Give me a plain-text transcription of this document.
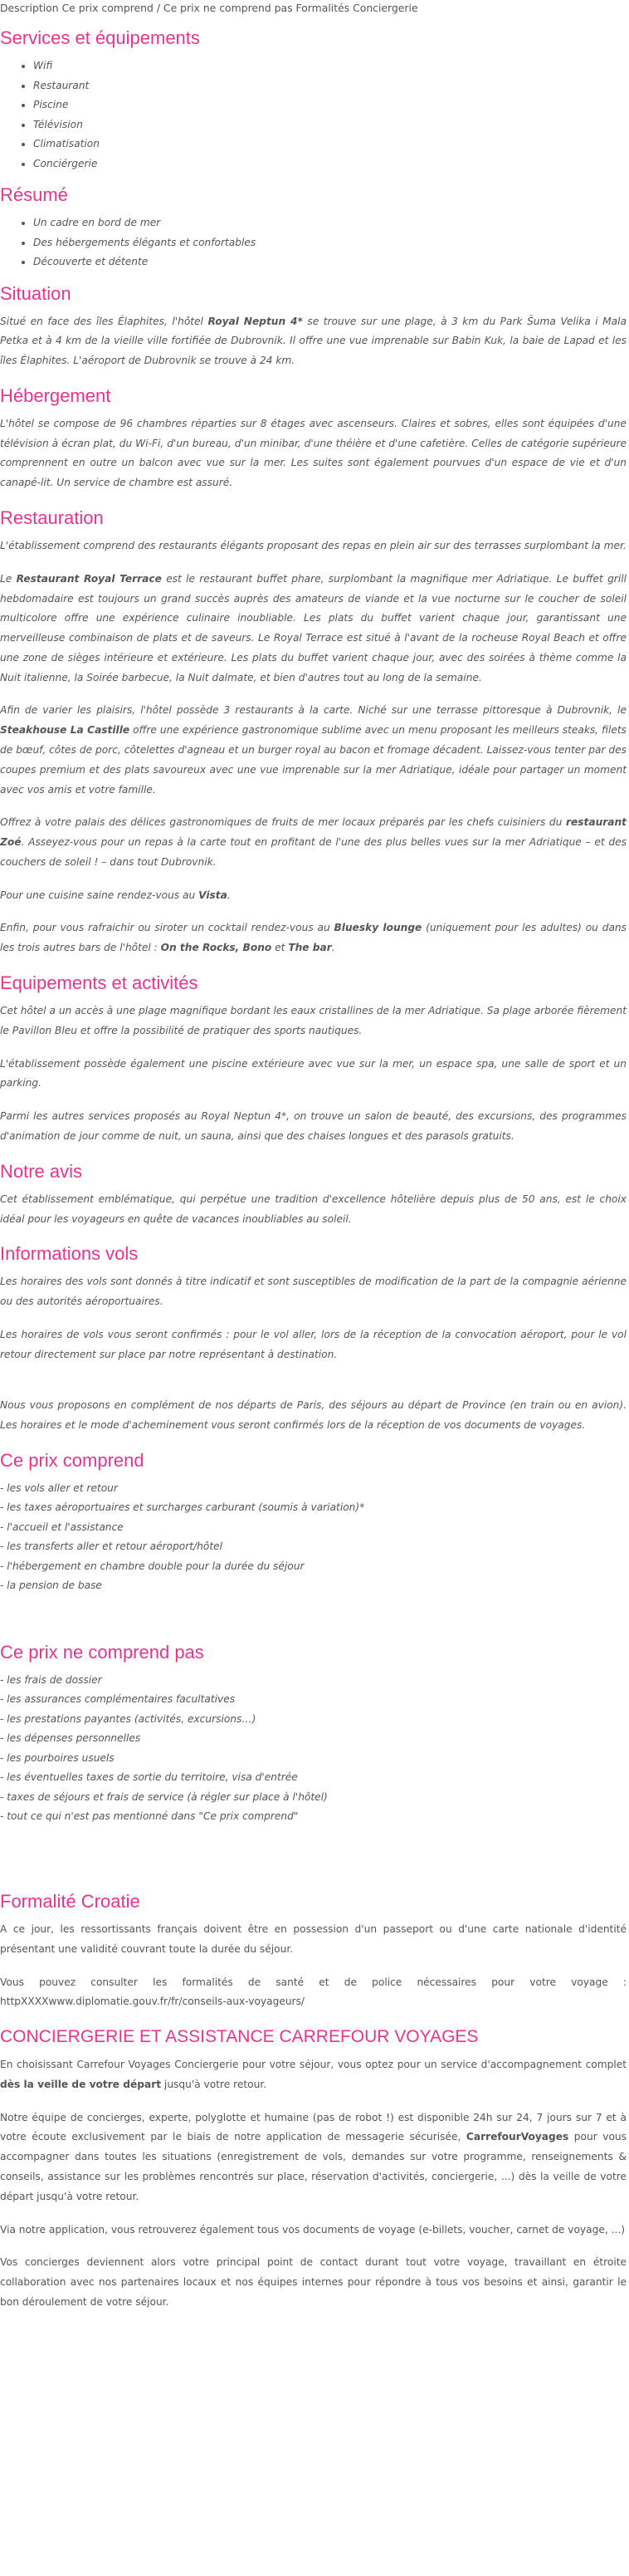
Description Ce prix comprend / Ce prix ne comprend pas Formalités Conciergerie
Services et équipements
• Wifi
• Restaurant
• Piscine
• Télévision
• Climatisation
• Conciérgerie
Résumé
• Un cadre en bord de mer
• Des hébergements élégants et confortables
• Découverte et détente
Situation

Situé en face des îles Élaphites, l'hôtel Royal Neptun 4* se trouve sur une plage, à 3 km du Park Šuma Velika i Mala Petka et à 4 km de la vieille ville fortifiée de Dubrovnik. Il offre une vue imprenable sur Babin Kuk, la baie de Lapad et les îles Élaphites. L'aéroport de Dubrovnik se trouve à 24 km.

Hébergement

L'hôtel se compose de 96 chambres réparties sur 8 étages avec ascenseurs. Claires et sobres, elles sont équipées d'une télévision à écran plat, du Wi-Fi, d'un bureau, d'un minibar, d'une théière et d'une cafetière. Celles de catégorie supérieure comprennent en outre un balcon avec vue sur la mer. Les suites sont également pourvues d'un espace de vie et d'un canapé-lit. Un service de chambre est assuré.

Restauration

L'établissement comprend des restaurants élégants proposant des repas en plein air sur des terrasses surplombant la mer.

Le Restaurant Royal Terrace est le restaurant buffet phare, surplombant la magnifique mer Adriatique. Le buffet grill hebdomadaire est toujours un grand succès auprès des amateurs de viande et la vue nocturne sur le coucher de soleil multicolore offre une expérience culinaire inoubliable. Les plats du buffet varient chaque jour, garantissant une merveilleuse combinaison de plats et de saveurs. Le Royal Terrace est situé à l'avant de la rocheuse Royal Beach et offre une zone de sièges intérieure et extérieure. Les plats du buffet varient chaque jour, avec des soirées à thème comme la Nuit italienne, la Soirée barbecue, la Nuit dalmate, et bien d'autres tout au long de la semaine.

Afin de varier les plaisirs, l'hôtel possède 3 restaurants à la carte. Niché sur une terrasse pittoresque à Dubrovnik, le Steakhouse La Castille offre une expérience gastronomique sublime avec un menu proposant les meilleurs steaks, filets de bœuf, côtes de porc, côtelettes d'agneau et un burger royal au bacon et fromage décadent. Laissez-vous tenter par des coupes premium et des plats savoureux avec une vue imprenable sur la mer Adriatique, idéale pour partager un moment avec vos amis et votre famille.

Offrez à votre palais des délices gastronomiques de fruits de mer locaux préparés par les chefs cuisiniers du restaurant Zoé. Asseyez-vous pour un repas à la carte tout en profitant de l'une des plus belles vues sur la mer Adriatique – et des couchers de soleil ! – dans tout Dubrovnik.

Pour une cuisine saine rendez-vous au Vista.

Enfin, pour vous rafraichir ou siroter un cocktail rendez-vous au Bluesky lounge (uniquement pour les adultes) ou dans les trois autres bars de l'hôtel : On the Rocks, Bono et The bar.

Equipements et activités

Cet hôtel a un accès à une plage magnifique bordant les eaux cristallines de la mer Adriatique. Sa plage arborée fièrement le Pavillon Bleu et offre la possibilité de pratiquer des sports nautiques.

L'établissement possède également une piscine extérieure avec vue sur la mer, un espace spa, une salle de sport et un parking.

Parmi les autres services proposés au Royal Neptun 4*, on trouve un salon de beauté, des excursions, des programmes d'animation de jour comme de nuit, un sauna, ainsi que des chaises longues et des parasols gratuits.

Notre avis

Cet établissement emblématique, qui perpétue une tradition d'excellence hôtelière depuis plus de 50 ans, est le choix idéal pour les voyageurs en quête de vacances inoubliables au soleil.

Informations vols

Les horaires des vols sont donnés à titre indicatif et sont susceptibles de modification de la part de la compagnie aérienne ou des autorités aéroportuaires.

Les horaires de vols vous seront confirmés : pour le vol aller, lors de la réception de la convocation aéroport, pour le vol retour directement sur place par notre représentant à destination.

Nous vous proposons en complément de nos départs de Paris, des séjours au départ de Province (en train ou en avion). Les horaires et le mode d'acheminement vous seront confirmés lors de la réception de vos documents de voyages.

Ce prix comprend
- les vols aller et retour
- les taxes aéroportuaires et surcharges carburant (soumis à variation)*
- l'accueil et l'assistance
- les transferts aller et retour aéroport/hôtel
- l'hébergement en chambre double pour la durée du séjour
- la pension de base
Ce prix ne comprend pas
- les frais de dossier
- les assurances complémentaires facultatives
- les prestations payantes (activités, excursions…)
- les dépenses personnelles
- les pourboires usuels
- les éventuelles taxes de sortie du territoire, visa d'entrée
- taxes de séjours et frais de service (à régler sur place à l'hôtel)
- tout ce qui n'est pas mentionné dans "Ce prix comprend"
Formalité Croatie

A ce jour, les ressortissants français doivent être en possession d'un passeport ou d'une carte nationale d'identité présentant une validité couvrant toute la durée du séjour.

Vous pouvez consulter les formalités de santé et de police nécessaires pour votre voyage : httpXXXXwww.diplomatie.gouv.fr/fr/conseils-aux-voyageurs/

CONCIERGERIE ET ASSISTANCE CARREFOUR VOYAGES

En choisissant Carrefour Voyages Conciergerie pour votre séjour, vous optez pour un service d'accompagnement complet dès la veille de votre départ jusqu'à votre retour.

Notre équipe de concierges, experte, polyglotte et humaine (pas de robot !) est disponible 24h sur 24, 7 jours sur 7 et à votre écoute exclusivement par le biais de notre application de messagerie sécurisée, CarrefourVoyages pour vous accompagner dans toutes les situations (enregistrement de vols, demandes sur votre programme, renseignements & conseils, assistance sur les problèmes rencontrés sur place, réservation d'activités, conciergerie, ...) dès la veille de votre départ jusqu'à votre retour.

Via notre application, vous retrouverez également tous vos documents de voyage (e-billets, voucher, carnet de voyage, ...)

Vos concierges deviennent alors votre principal point de contact durant tout votre voyage, travaillant en étroite collaboration avec nos partenaires locaux et nos équipes internes pour répondre à tous vos besoins et ainsi, garantir le bon déroulement de votre séjour.
